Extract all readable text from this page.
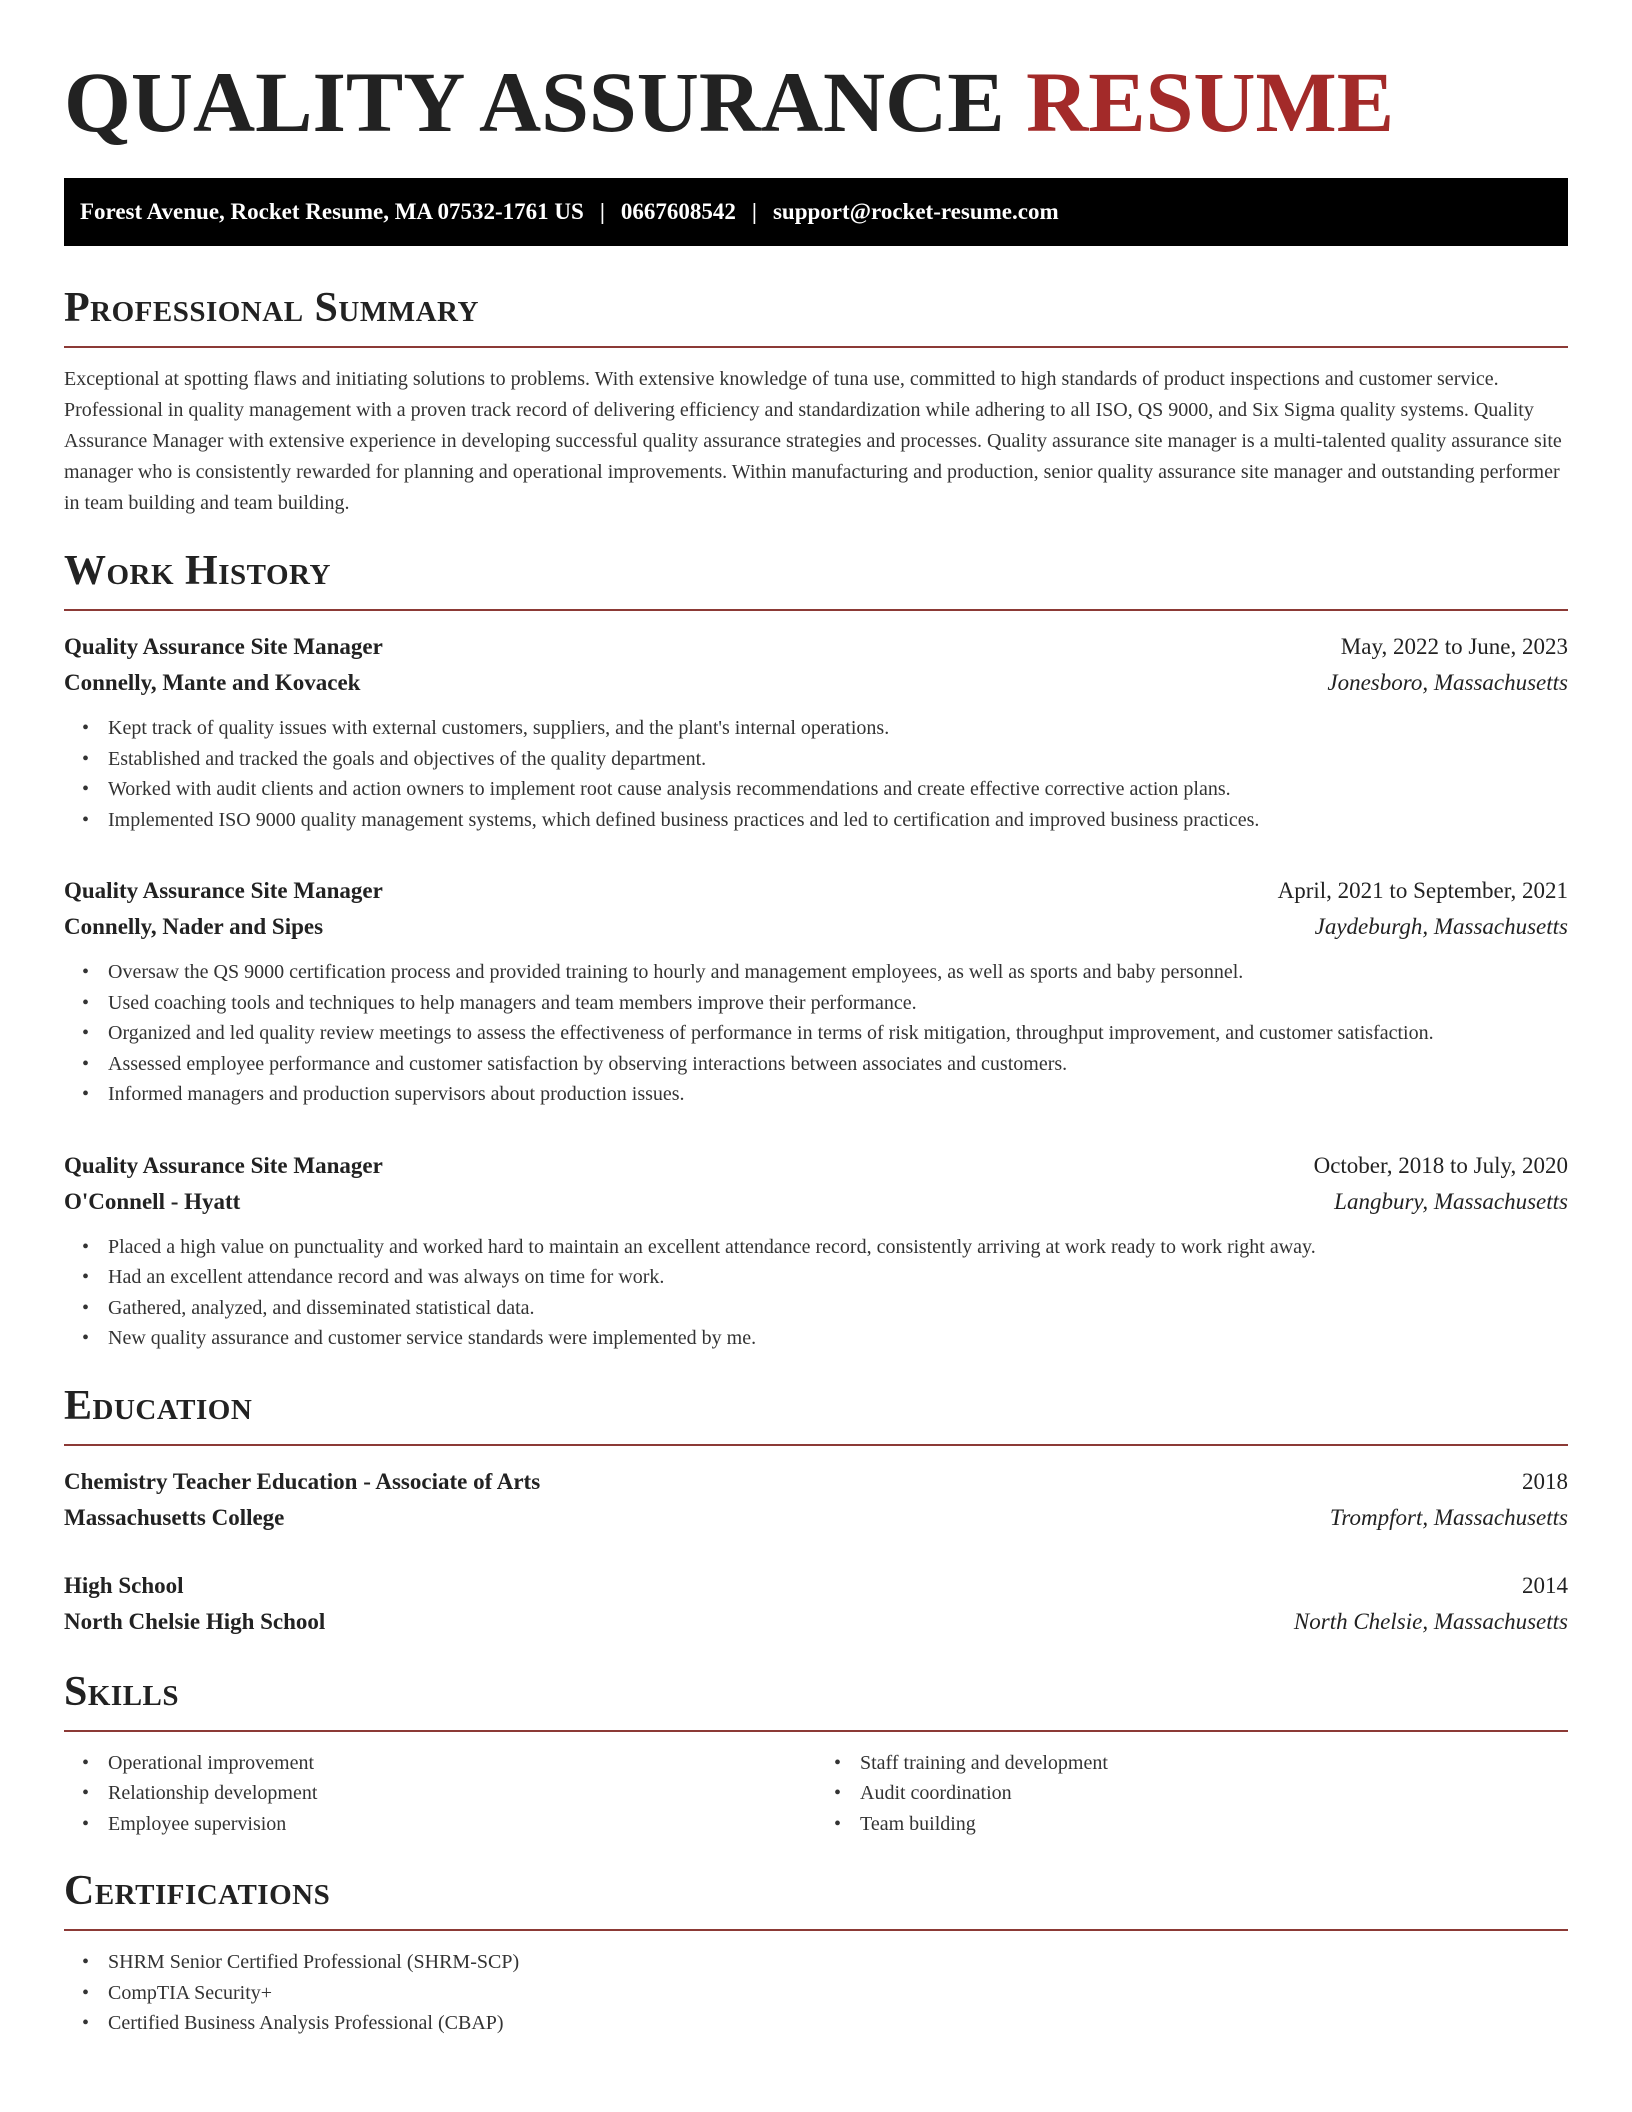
QUALITY ASSURANCE RESUME
Forest Avenue, Rocket Resume, MA 07532-1761 US | 0667608542 | support@rocket-resume.com
Professional Summary

Exceptional at spotting flaws and initiating solutions to problems. With extensive knowledge of tuna use, committed to high standards of product inspections and customer service. Professional in quality management with a proven track record of delivering efficiency and standardization while adhering to all ISO, QS 9000, and Six Sigma quality systems. Quality Assurance Manager with extensive experience in developing successful quality assurance strategies and processes. Quality assurance site manager is a multi-talented quality assurance site manager who is consistently rewarded for planning and operational improvements. Within manufacturing and production, senior quality assurance site manager and outstanding performer in team building and team building.

Work History
Quality Assurance Site Manager	May, 2022 to June, 2023
Connelly, Mante and Kovacek	Jonesboro, Massachusetts
• Kept track of quality issues with external customers, suppliers, and the plant's internal operations.
• Established and tracked the goals and objectives of the quality department.
• Worked with audit clients and action owners to implement root cause analysis recommendations and create effective corrective action plans.
• Implemented ISO 9000 quality management systems, which defined business practices and led to certification and improved business practices.
Quality Assurance Site Manager	April, 2021 to September, 2021
Connelly, Nader and Sipes	Jaydeburgh, Massachusetts
• Oversaw the QS 9000 certification process and provided training to hourly and management employees, as well as sports and baby personnel.
• Used coaching tools and techniques to help managers and team members improve their performance.
• Organized and led quality review meetings to assess the effectiveness of performance in terms of risk mitigation, throughput improvement, and customer satisfaction.
• Assessed employee performance and customer satisfaction by observing interactions between associates and customers.
• Informed managers and production supervisors about production issues.
Quality Assurance Site Manager	October, 2018 to July, 2020
O'Connell - Hyatt	Langbury, Massachusetts
• Placed a high value on punctuality and worked hard to maintain an excellent attendance record, consistently arriving at work ready to work right away.
• Had an excellent attendance record and was always on time for work.
• Gathered, analyzed, and disseminated statistical data.
• New quality assurance and customer service standards were implemented by me.
Education
Chemistry Teacher Education - Associate of Arts	2018
Massachusetts College	Trompfort, Massachusetts
High School	2014
North Chelsie High School	North Chelsie, Massachusetts
Skills
• Operational improvement
• Relationship development
• Employee supervision
• Staff training and development
• Audit coordination
• Team building
Certifications
• SHRM Senior Certified Professional (SHRM-SCP)
• CompTIA Security+
• Certified Business Analysis Professional (CBAP)
